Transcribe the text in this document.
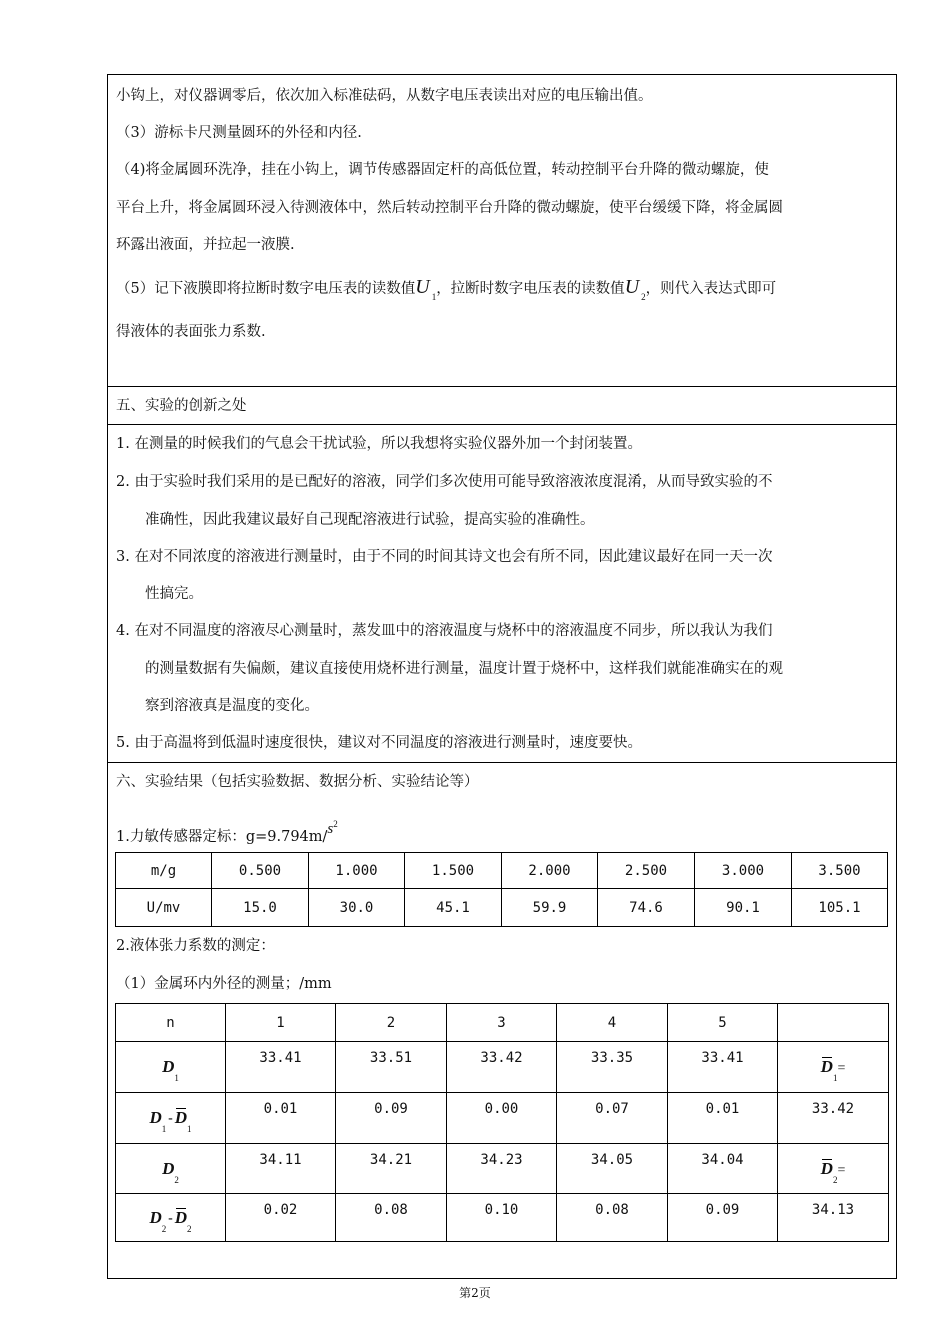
小钩上，对仪器调零后，依次加入标准砝码，从数字电压表读出对应的电压输出值。
（3）游标卡尺测量圆环的外径和内径.
（4)将金属圆环洗净，挂在小钩上，调节传感器固定杆的高低位置，转动控制平台升降的微动螺旋，使
平台上升，将金属圆环浸入待测液体中，然后转动控制平台升降的微动螺旋，使平台缓缓下降，将金属圆
环露出液面，并拉起一液膜.
（5）记下液膜即将拉断时数字电压表的读数值U $_1$，拉断时数字电压表的读数值U $_2$，则代入表达式即可
得液体的表面张力系数.
五、实验的创新之处
1. 在测量的时候我们的气息会干扰试验，所以我想将实验仪器外加一个封闭装置。
2. 由于实验时我们采用的是已配好的溶液，同学们多次使用可能导致溶液浓度混淆，从而导致实验的不
准确性，因此我建议最好自己现配溶液进行试验，提高实验的准确性。
3. 在对不同浓度的溶液进行测量时，由于不同的时间其诗文也会有所不同，因此建议最好在同一天一次
性搞完。
4. 在对不同温度的溶液尽心测量时，蒸发皿中的溶液温度与烧杯中的溶液温度不同步，所以我认为我们
的测量数据有失偏颇，建议直接使用烧杯进行测量，温度计置于烧杯中，这样我们就能准确实在的观
察到溶液真是温度的变化。
5. 由于高温将到低温时速度很快，建议对不同温度的溶液进行测量时，速度要快。
六、实验结果（包括实验数据、数据分析、实验结论等）
1.力敏传感器定标：$g=9.794m/s^2$
m/g	0.500	1.000	1.500	2.000	2.500	3.000	3.500
U/mv	15.0	30.0	45.1	59.9	74.6	90.1	105.1
2.液体张力系数的测定：
（1）金属环内外径的测量；/mm
n	1	2	3	4	5	
$D_1$	33.41	33.51	33.42	33.35	33.41	$D_1=$
$D_1-D_1$	0.01	0.09	0.00	0.07	0.01	33.42

$D_2$	34.11	34.21	34.23	34.05	34.04	$D_2=$
$D_2-D_2$	0.02	0.08	0.10	0.08	0.09	34.13
第2页
